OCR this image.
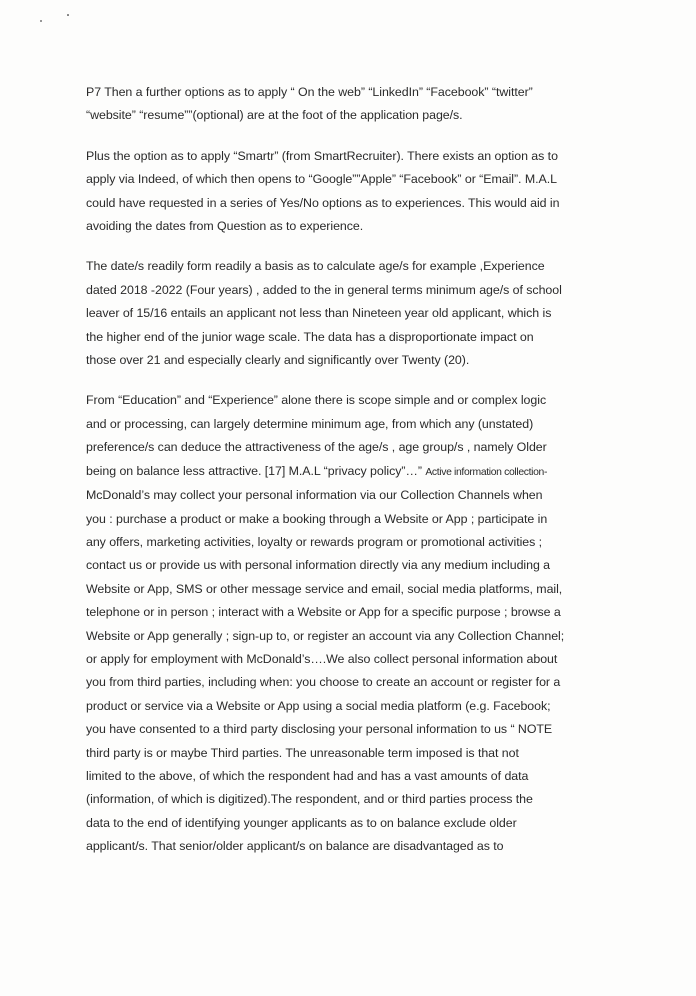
P7 Then a further options as to apply “ On the web” “LinkedIn” “Facebook” “twitter”
“website” “resume””(optional) are at the foot of the application page/s.
Plus the option as to apply “Smartr” (from SmartRecruiter). There exists an option as to
apply via Indeed, of which then opens to “Google””Apple” “Facebook” or “Email”. M.A.L
could have requested in a series of Yes/No options as to experiences. This would aid in
avoiding the dates from Question as to experience.
The date/s readily form readily a basis as to calculate age/s for example ,Experience
dated 2018 -2022 (Four years) , added to the in general terms minimum age/s of school
leaver of 15/16 entails an applicant not less than Nineteen year old applicant, which is
the higher end of the junior wage scale. The data has a disproportionate impact on
those over 21 and especially clearly and significantly over Twenty (20).
From “Education” and “Experience” alone there is scope simple and or complex logic
and or processing, can largely determine minimum age, from which any (unstated)
preference/s can deduce the attractiveness of the age/s , age group/s , namely Older
being on balance less attractive. [17] M.A.L “privacy policy”…” Active information collection-
McDonald’s may collect your personal information via our Collection Channels when
you : purchase a product or make a booking through a Website or App ; participate in
any offers, marketing activities, loyalty or rewards program or promotional activities ;
contact us or provide us with personal information directly via any medium including a
Website or App, SMS or other message service and email, social media platforms, mail,
telephone or in person ; interact with a Website or App for a specific purpose ; browse a
Website or App generally ; sign-up to, or register an account via any Collection Channel;
or apply for employment with McDonald’s….We also collect personal information about
you from third parties, including when: you choose to create an account or register for a
product or service via a Website or App using a social media platform (e.g. Facebook;
you have consented to a third party disclosing your personal information to us “ NOTE
third party is or maybe Third parties. The unreasonable term imposed is that not
limited to the above, of which the respondent had and has a vast amounts of data
(information, of which is digitized).The respondent, and or third parties process the
data to the end of identifying younger applicants as to on balance exclude older
applicant/s. That senior/older applicant/s on balance are disadvantaged as to
